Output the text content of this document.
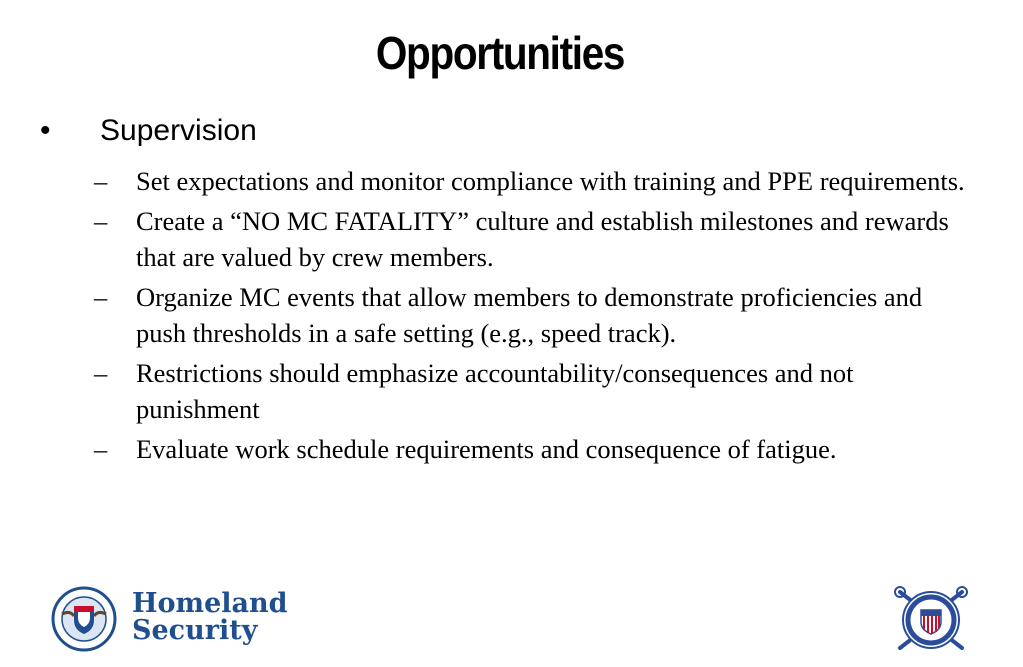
Opportunities
• Supervision
– Set expectations and monitor compliance with training and PPE requirements.
– Create a “NO MC FATALITY” culture and establish milestones and rewards that are valued by crew members.
– Organize MC events that allow members to demonstrate proficiencies and push thresholds in a safe setting (e.g., speed track).
– Restrictions should emphasize accountability/consequences and not punishment
– Evaluate work schedule requirements and consequence of fatigue.
Homeland
Security
